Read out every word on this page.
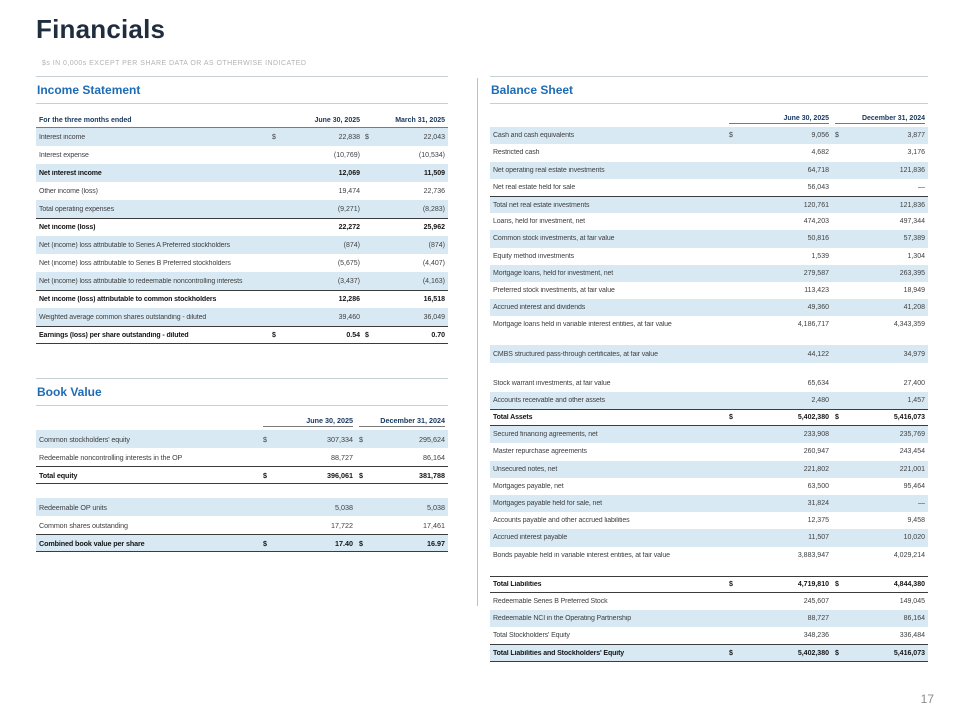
Financials
$s IN 0,000s EXCEPT PER SHARE DATA OR AS OTHERWISE INDICATED
Income Statement
For the three months ended	June 30, 2025	March 31, 2025
Interest income	$	22,838 $	22,043
Interest expense	(10,769)	(10,534)
Net interest income	12,069	11,509
Other income (loss)	19,474	22,736
Total operating expenses	(9,271)	(8,283)
Net income (loss)	22,272	25,962
Net (income) loss attributable to Series A Preferred stockholders	(874)	(874)
Net (income) loss attributable to Series B Preferred stockholders	(5,675)	(4,407)
Net (income) loss attributable to redeemable noncontrolling interests	(3,437)	(4,163)
Net income (loss) attributable to common stockholders	12,286	16,518
Weighted average common shares outstanding - diluted	39,460	36,049
Earnings (loss) per share outstanding - diluted	$	0.54 $	0.70
Book Value
June 30, 2025	December 31, 2024
Common stockholders' equity	$	307,334 $	295,624
Redeemable noncontrolling interests in the OP	88,727	86,164
Total equity	$	396,061 $	381,788
Redeemable OP units	5,038	5,038
Common shares outstanding	17,722	17,461
Combined book value per share	$	17.40 $	16.97
Balance Sheet
June 30, 2025	December 31, 2024
Cash and cash equivalents	$	9,056 $	3,877
Restricted cash	4,682	3,176
Net operating real estate investments	64,718	121,836
Net real estate held for sale	56,043	—
Total net real estate investments	120,761	121,836
Loans, held for investment, net	474,203	497,344
Common stock investments, at fair value	50,816	57,389
Equity method investments	1,539	1,304
Mortgage loans, held for investment, net	279,587	263,395
Preferred stock investments, at fair value	113,423	18,949
Accrued interest and dividends	49,360	41,208
Mortgage loans held in variable interest entities, at fair value	4,186,717	4,343,359
CMBS structured pass-through certificates, at fair value	44,122	34,979
Stock warrant investments, at fair value	65,634	27,400
Accounts receivable and other assets	2,480	1,457
Total Assets	$	5,402,380 $	5,416,073
Secured financing agreements, net	233,908	235,769
Master repurchase agreements	260,947	243,454
Unsecured notes, net	221,802	221,001
Mortgages payable, net	63,500	95,464
Mortgages payable held for sale, net	31,824	—
Accounts payable and other accrued liabilities	12,375	9,458
Accrued interest payable	11,507	10,020
Bonds payable held in variable interest entities, at fair value	3,883,947	4,029,214
Total Liabilities	$	4,719,810 $	4,844,380
Redeemable Series B Preferred Stock	245,607	149,045
Redeemable NCI in the Operating Partnership	88,727	86,164
Total Stockholders' Equity	348,236	336,484
Total Liabilities and Stockholders' Equity	$	5,402,380 $	5,416,073
17
